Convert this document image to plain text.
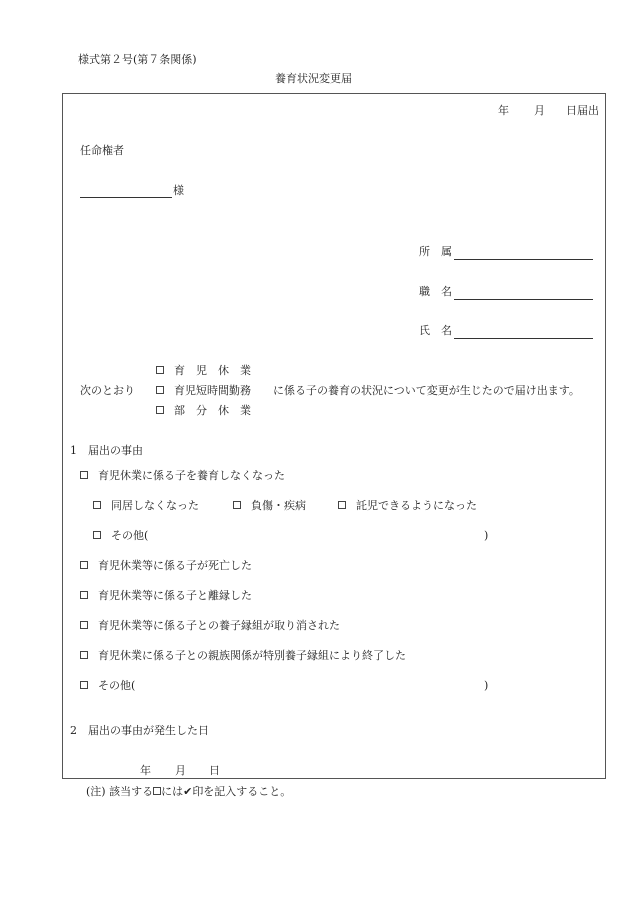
様式第２号(第７条関係)
養育状況変更届
年 月 日届出
任命権者
様
所　属
職　名
氏　名
育　児　休　業
次のとおり	育児短時間勤務 に係る子の養育の状況について変更が生じたので届け出ます。
部　分　休　業
1　届出の事由
育児休業に係る子を養育しなくなった
同居しなくなった	負傷・疾病	託児できるようになった
その他(	)
育児休業等に係る子が死亡した
育児休業等に係る子と離縁した
育児休業等に係る子との養子縁組が取り消された
育児休業に係る子との親族関係が特別養子縁組により終了した
その他(	)
2　届出の事由が発生した日
年 月 日
(注) 該当する には✔印を記入すること。
